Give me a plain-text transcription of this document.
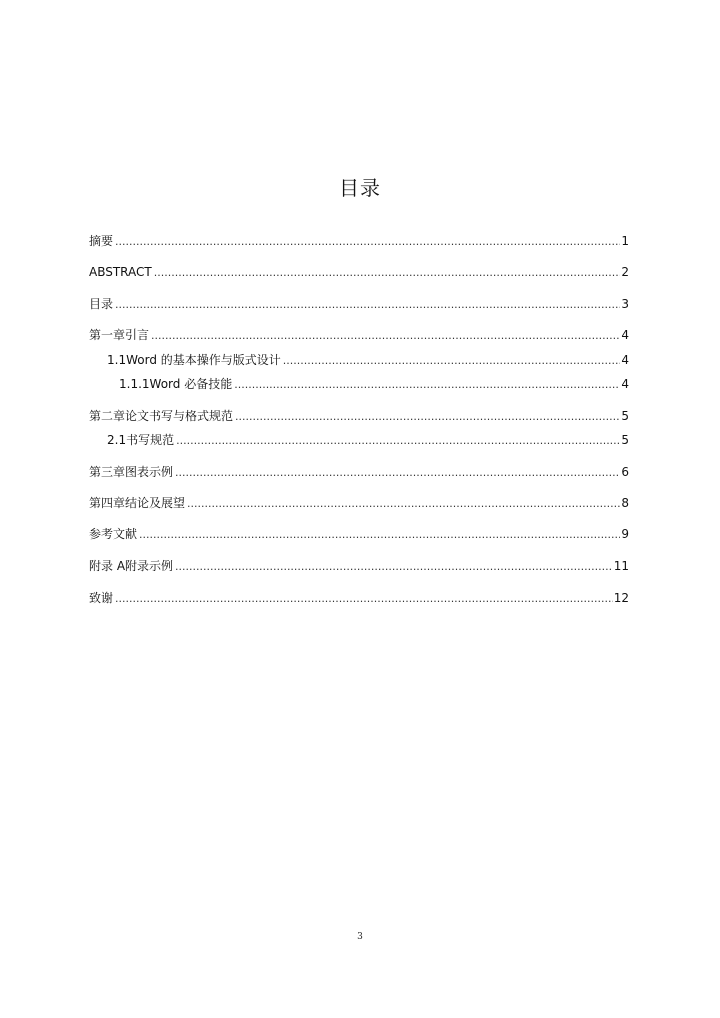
目录
摘要 .....	1
ABSTRACT .....	2
目录 .....	3
第一章 引言 .....	4
1.1 Word 的基本操作与版式设计 .....	4
1.1.1 Word 必备技能 .....	4
第二章 论文书写与格式规范 .....	5
2.1 书写规范 .....	5
第三章 图表示例 .....	6
第四章 结论及展望 .....	8
参考文献 .....	9
附录 A 附录示例 .....	11
致谢 .....	12
3
